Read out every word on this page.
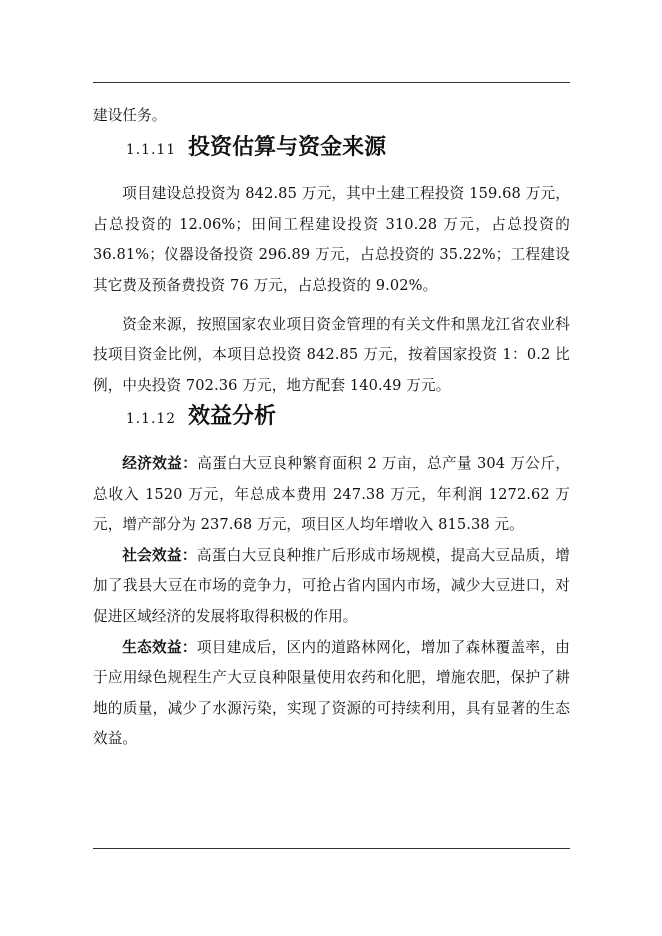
建设任务。

1.1.11 投资估算与资金来源

项目建设总投资为 842.85 万元，其中土建工程投资 159.68 万元，占总投资的 12.06%；田间工程建设投资 310.28 万元，占总投资的 36.81%；仪器设备投资 296.89 万元，占总投资的 35.22%；工程建设其它费及预备费投资 76 万元，占总投资的 9.02%。

资金来源，按照国家农业项目资金管理的有关文件和黑龙江省农业科技项目资金比例，本项目总投资 842.85 万元，按着国家投资 1：0.2 比例，中央投资 702.36 万元，地方配套 140.49 万元。

1.1.12 效益分析

经济效益：高蛋白大豆良种繁育面积 2 万亩，总产量 304 万公斤，总收入 1520 万元，年总成本费用 247.38 万元，年利润 1272.62 万元，增产部分为 237.68 万元，项目区人均年增收入 815.38 元。

社会效益：高蛋白大豆良种推广后形成市场规模，提高大豆品质，增加了我县大豆在市场的竞争力，可抢占省内国内市场，减少大豆进口，对促进区域经济的发展将取得积极的作用。

生态效益：项目建成后，区内的道路林网化，增加了森林覆盖率，由于应用绿色规程生产大豆良种限量使用农药和化肥，增施农肥，保护了耕地的质量，减少了水源污染，实现了资源的可持续利用，具有显著的生态效益。
